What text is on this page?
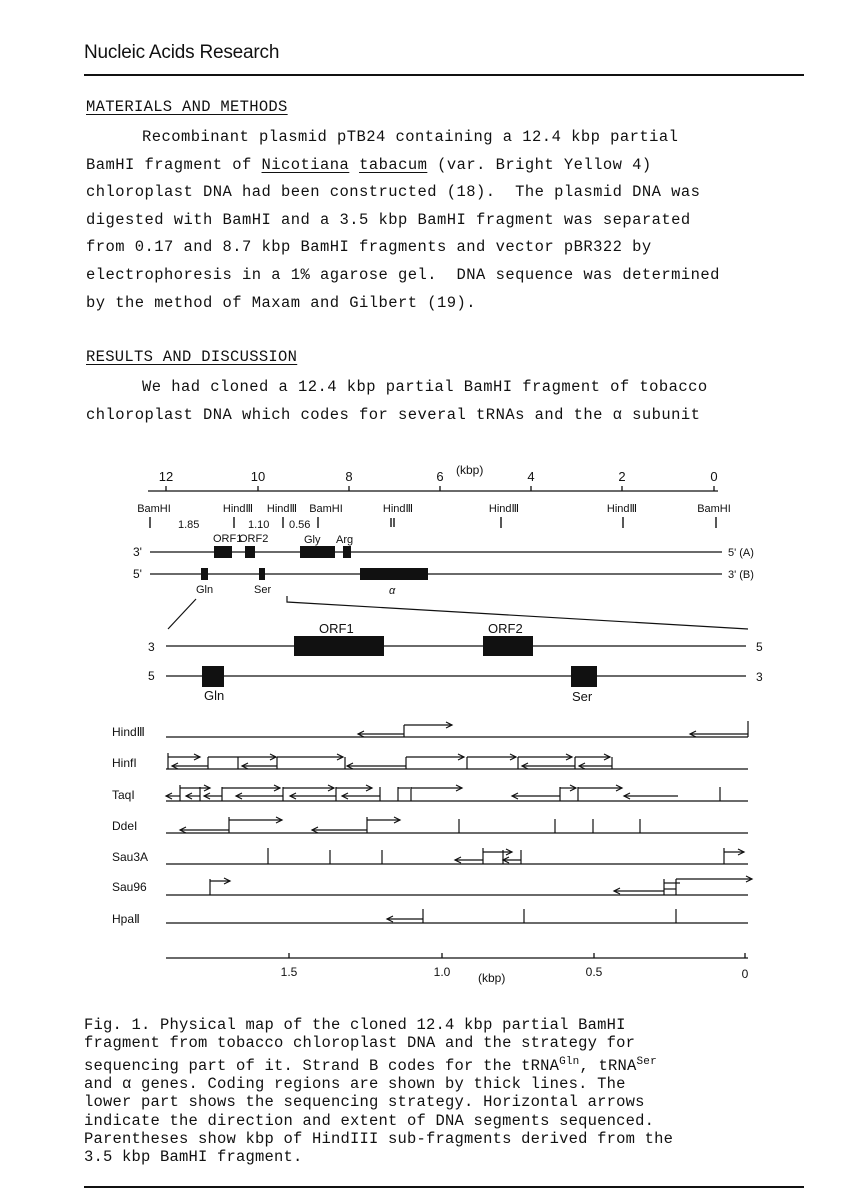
Nucleic Acids Research
MATERIALS AND METHODS
Recombinant plasmid pTB24 containing a 12.4 kbp partial
BamHI fragment of Nicotiana tabacum (var. Bright Yellow 4)
chloroplast DNA had been constructed (18).  The plasmid DNA was
digested with BamHI and a 3.5 kbp BamHI fragment was separated
from 0.17 and 8.7 kbp BamHI fragments and vector pBR322 by
electrophoresis in a 1% agarose gel.  DNA sequence was determined
by the method of Maxam and Gilbert (19).
RESULTS AND DISCUSSION
We had cloned a 12.4 kbp partial BamHI fragment of tobacco
chloroplast DNA which codes for several tRNAs and the α subunit
12	10	8	6	4	2	0
(kbp)
BamHI	HindⅢ HindⅢ BamHI	HindⅢ	HindⅢ	HindⅢ	BamHI
1.85	1.10 0.56
ORF1
ORF2	Gly Arg
3'	5' (A)
5'	3' (B)
Gln	Ser	α
3
ORF1	ORF2
5
5
Gln	Ser
3
HindⅢ
HinfI
TaqI
DdeI
Sau3A
Sau96
HpaⅡ
1.5	1.0	0.5	0
(kbp)
Fig. 1. Physical map of the cloned 12.4 kbp partial BamHI
fragment from tobacco chloroplast DNA and the strategy for
sequencing part of it. Strand B codes for the tRNA$^{Gln}$, tRNA$^{Ser}$
and α genes. Coding regions are shown by thick lines. The
lower part shows the sequencing strategy. Horizontal arrows
indicate the direction and extent of DNA segments sequenced.
Parentheses show kbp of HindIII sub-fragments derived from the
3.5 kbp BamHI fragment.
